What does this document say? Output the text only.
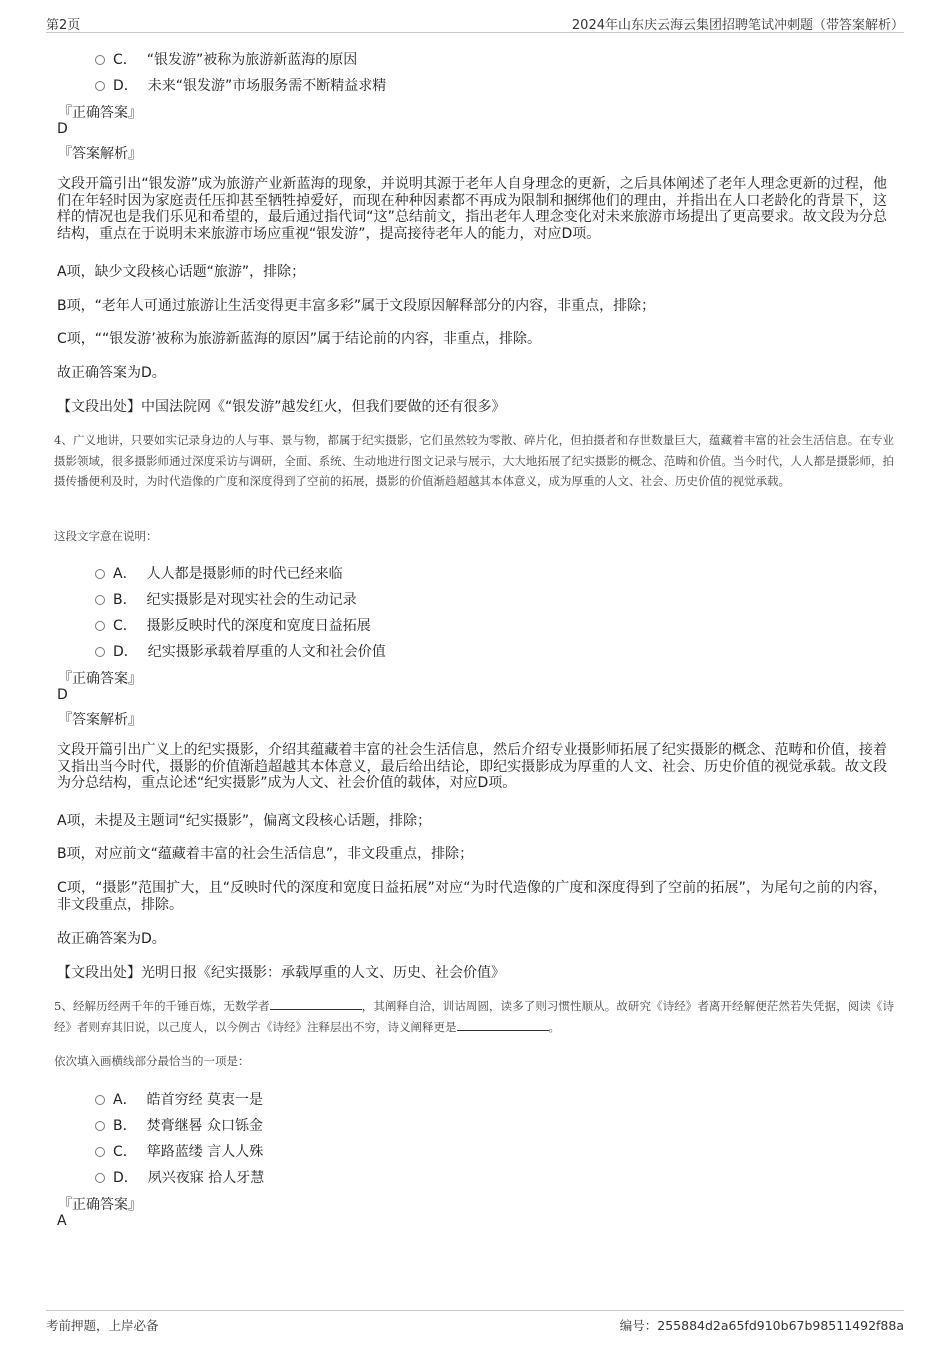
第2页	2024年山东庆云海云集团招聘笔试冲刺题（带答案解析）
C． “银发游”被称为旅游新蓝海的原因
D． 未来“银发游”市场服务需不断精益求精
『正确答案』
D
『答案解析』
文段开篇引出“银发游”成为旅游产业新蓝海的现象，并说明其源于老年人自身理念的更新，之后具体阐述了老年人理念更新的过程，他们在年轻时因为家庭责任压抑甚至牺牲掉爱好，而现在种种因素都不再成为限制和捆绑他们的理由，并指出在人口老龄化的背景下，这样的情况也是我们乐见和希望的，最后通过指代词“这”总结前文，指出老年人理念变化对未来旅游市场提出了更高要求。故文段为分总结构，重点在于说明未来旅游市场应重视“银发游”，提高接待老年人的能力，对应D项。
A项，缺少文段核心话题“旅游”，排除；
B项，“老年人可通过旅游让生活变得更丰富多彩”属于文段原因解释部分的内容，非重点，排除；
C项，““银发游’被称为旅游新蓝海的原因”属于结论前的内容，非重点，排除。
故正确答案为D。
【文段出处】中国法院网《“银发游”越发红火，但我们要做的还有很多》
4、广义地讲，只要如实记录身边的人与事、景与物，都属于纪实摄影，它们虽然较为零散、碎片化，但拍摄者和存世数量巨大，蕴藏着丰富的社会生活信息。在专业摄影领域，很多摄影师通过深度采访与调研，全面、系统、生动地进行图文记录与展示，大大地拓展了纪实摄影的概念、范畴和价值。当今时代，人人都是摄影师，拍摄传播便利及时，为时代造像的广度和深度得到了空前的拓展，摄影的价值渐趋超越其本体意义，成为厚重的人文、社会、历史价值的视觉承载。
这段文字意在说明：
A． 人人都是摄影师的时代已经来临
B． 纪实摄影是对现实社会的生动记录
C． 摄影反映时代的深度和宽度日益拓展
D． 纪实摄影承载着厚重的人文和社会价值
『正确答案』
D
『答案解析』
文段开篇引出广义上的纪实摄影，介绍其蕴藏着丰富的社会生活信息，然后介绍专业摄影师拓展了纪实摄影的概念、范畴和价值，接着又指出当今时代，摄影的价值渐趋超越其本体意义，最后给出结论，即纪实摄影成为厚重的人文、社会、历史价值的视觉承载。故文段为分总结构，重点论述“纪实摄影”成为人文、社会价值的载体，对应D项。
A项，未提及主题词“纪实摄影”，偏离文段核心话题，排除；
B项，对应前文“蕴藏着丰富的社会生活信息”，非文段重点，排除；
C项，“摄影”范围扩大，且“反映时代的深度和宽度日益拓展”对应“为时代造像的广度和深度得到了空前的拓展”，为尾句之前的内容，非文段重点，排除。
故正确答案为D。
【文段出处】光明日报《纪实摄影：承载厚重的人文、历史、社会价值》
5、经解历经两千年的千锤百炼，无数学者	，其阐释自洽，训诂周圆，读多了则习惯性顺从。故研究《诗经》者离开经解便茫然若失凭据，阅读《诗经》者则弃其旧说，以己度人，以今例古《诗经》注释层出不穷，诗义阐释更是	。
依次填入画横线部分最恰当的一项是：
A． 皓首穷经 莫衷一是
B． 焚膏继晷 众口铄金
C． 筚路蓝缕 言人人殊
D． 夙兴夜寐 拾人牙慧
『正确答案』
A
考前押题，上岸必备	编号：255884d2a65fd910b67b98511492f88a
